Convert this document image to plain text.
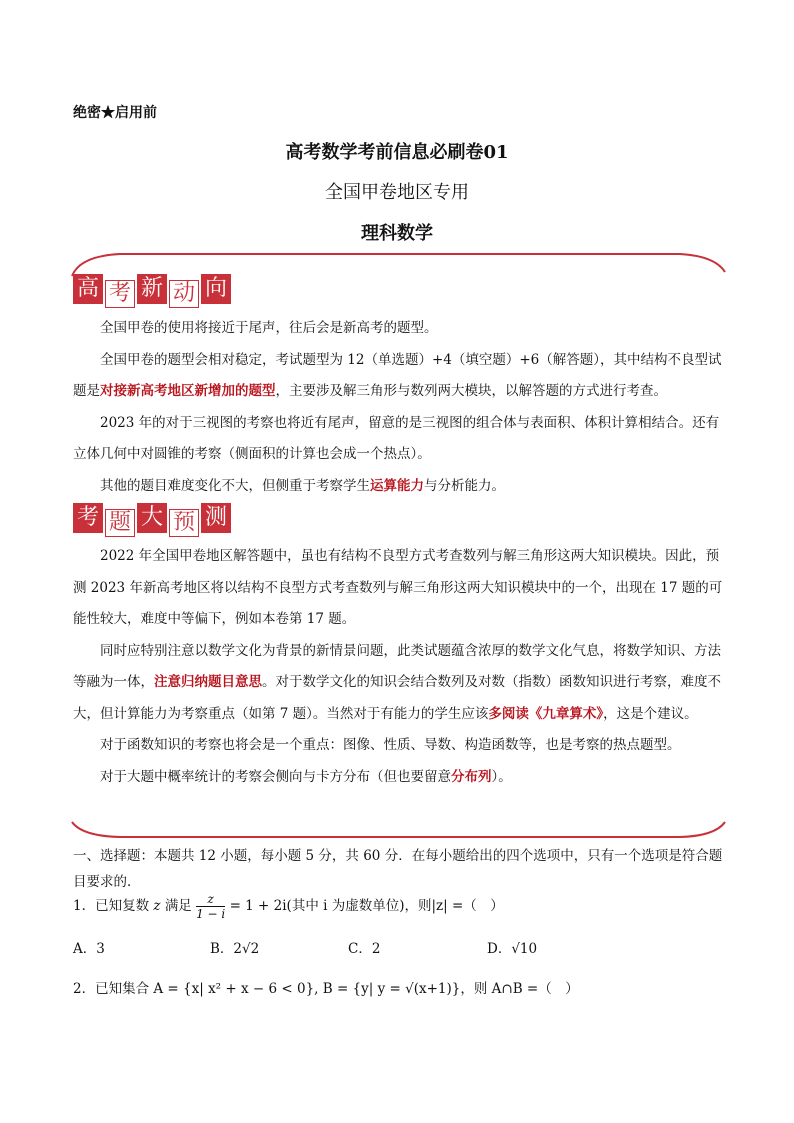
绝密★启用前
高考数学考前信息必刷卷01
全国甲卷地区专用
理科数学
高 考 新 动 向

全国甲卷的使用将接近于尾声，往后会是新高考的题型。

全国甲卷的题型会相对稳定，考试题型为 12（单选题）+4（填空题）+6（解答题），其中结构不良型试题是对接新高考地区新增加的题型，主要涉及解三角形与数列两大模块，以解答题的方式进行考查。

2023 年的对于三视图的考察也将近有尾声，留意的是三视图的组合体与表面积、体积计算相结合。还有立体几何中对圆锥的考察（侧面积的计算也会成一个热点）。

其他的题目难度变化不大，但侧重于考察学生运算能力与分析能力。

考 题 大 预 测

2022 年全国甲卷地区解答题中，虽也有结构不良型方式考查数列与解三角形这两大知识模块。因此，预测 2023 年新高考地区将以结构不良型方式考查数列与解三角形这两大知识模块中的一个，出现在 17 题的可能性较大，难度中等偏下，例如本卷第 17 题。

同时应特别注意以数学文化为背景的新情景问题，此类试题蕴含浓厚的数学文化气息，将数学知识、方法等融为一体，注意归纳题目意思。对于数学文化的知识会结合数列及对数（指数）函数知识进行考察，难度不大，但计算能力为考察重点（如第 7 题）。当然对于有能力的学生应该多阅读《九章算术》，这是个建议。

对于函数知识的考察也将会是一个重点：图像、性质、导数、构造函数等，也是考察的热点题型。

对于大题中概率统计的考察会侧向与卡方分布（但也要留意分布列）。

一、选择题：本题共 12 小题，每小题 5 分，共 60 分．在每小题给出的四个选项中，只有一个选项是符合题目要求的．
1．已知复数 z 满足 $\frac{z}{1 - i} = 1 + 2i$(其中 i 为虚数单位)，则|z| =（　）
A．3	B．2√2	C．2	D．√10
2．已知集合 A = {x| x² + x − 6 < 0}, B = {y| y = √(x+1)}，则 A∩B =（　）
